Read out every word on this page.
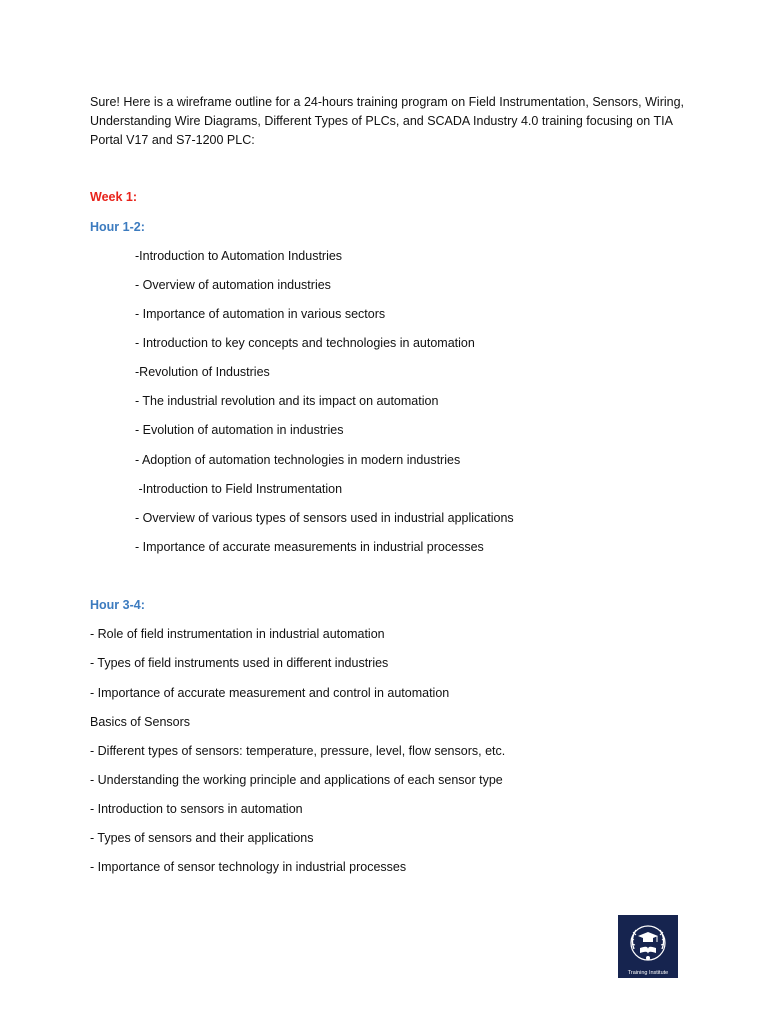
Sure! Here is a wireframe outline for a 24-hours training program on Field Instrumentation, Sensors, Wiring, Understanding Wire Diagrams, Different Types of PLCs, and SCADA Industry 4.0 training focusing on TIA Portal V17 and S7-1200 PLC:

Week 1:

Hour 1-2:

-Introduction to Automation Industries

- Overview of automation industries

- Importance of automation in various sectors

- Introduction to key concepts and technologies in automation

-Revolution of Industries

- The industrial revolution and its impact on automation

- Evolution of automation in industries

- Adoption of automation technologies in modern industries

-Introduction to Field Instrumentation

- Overview of various types of sensors used in industrial applications

- Importance of accurate measurements in industrial processes

Hour 3-4:

- Role of field instrumentation in industrial automation

- Types of field instruments used in different industries

- Importance of accurate measurement and control in automation

Basics of Sensors

- Different types of sensors: temperature, pressure, level, flow sensors, etc.

- Understanding the working principle and applications of each sensor type

- Introduction to sensors in automation

- Types of sensors and their applications

- Importance of sensor technology in industrial processes

Training Institute
